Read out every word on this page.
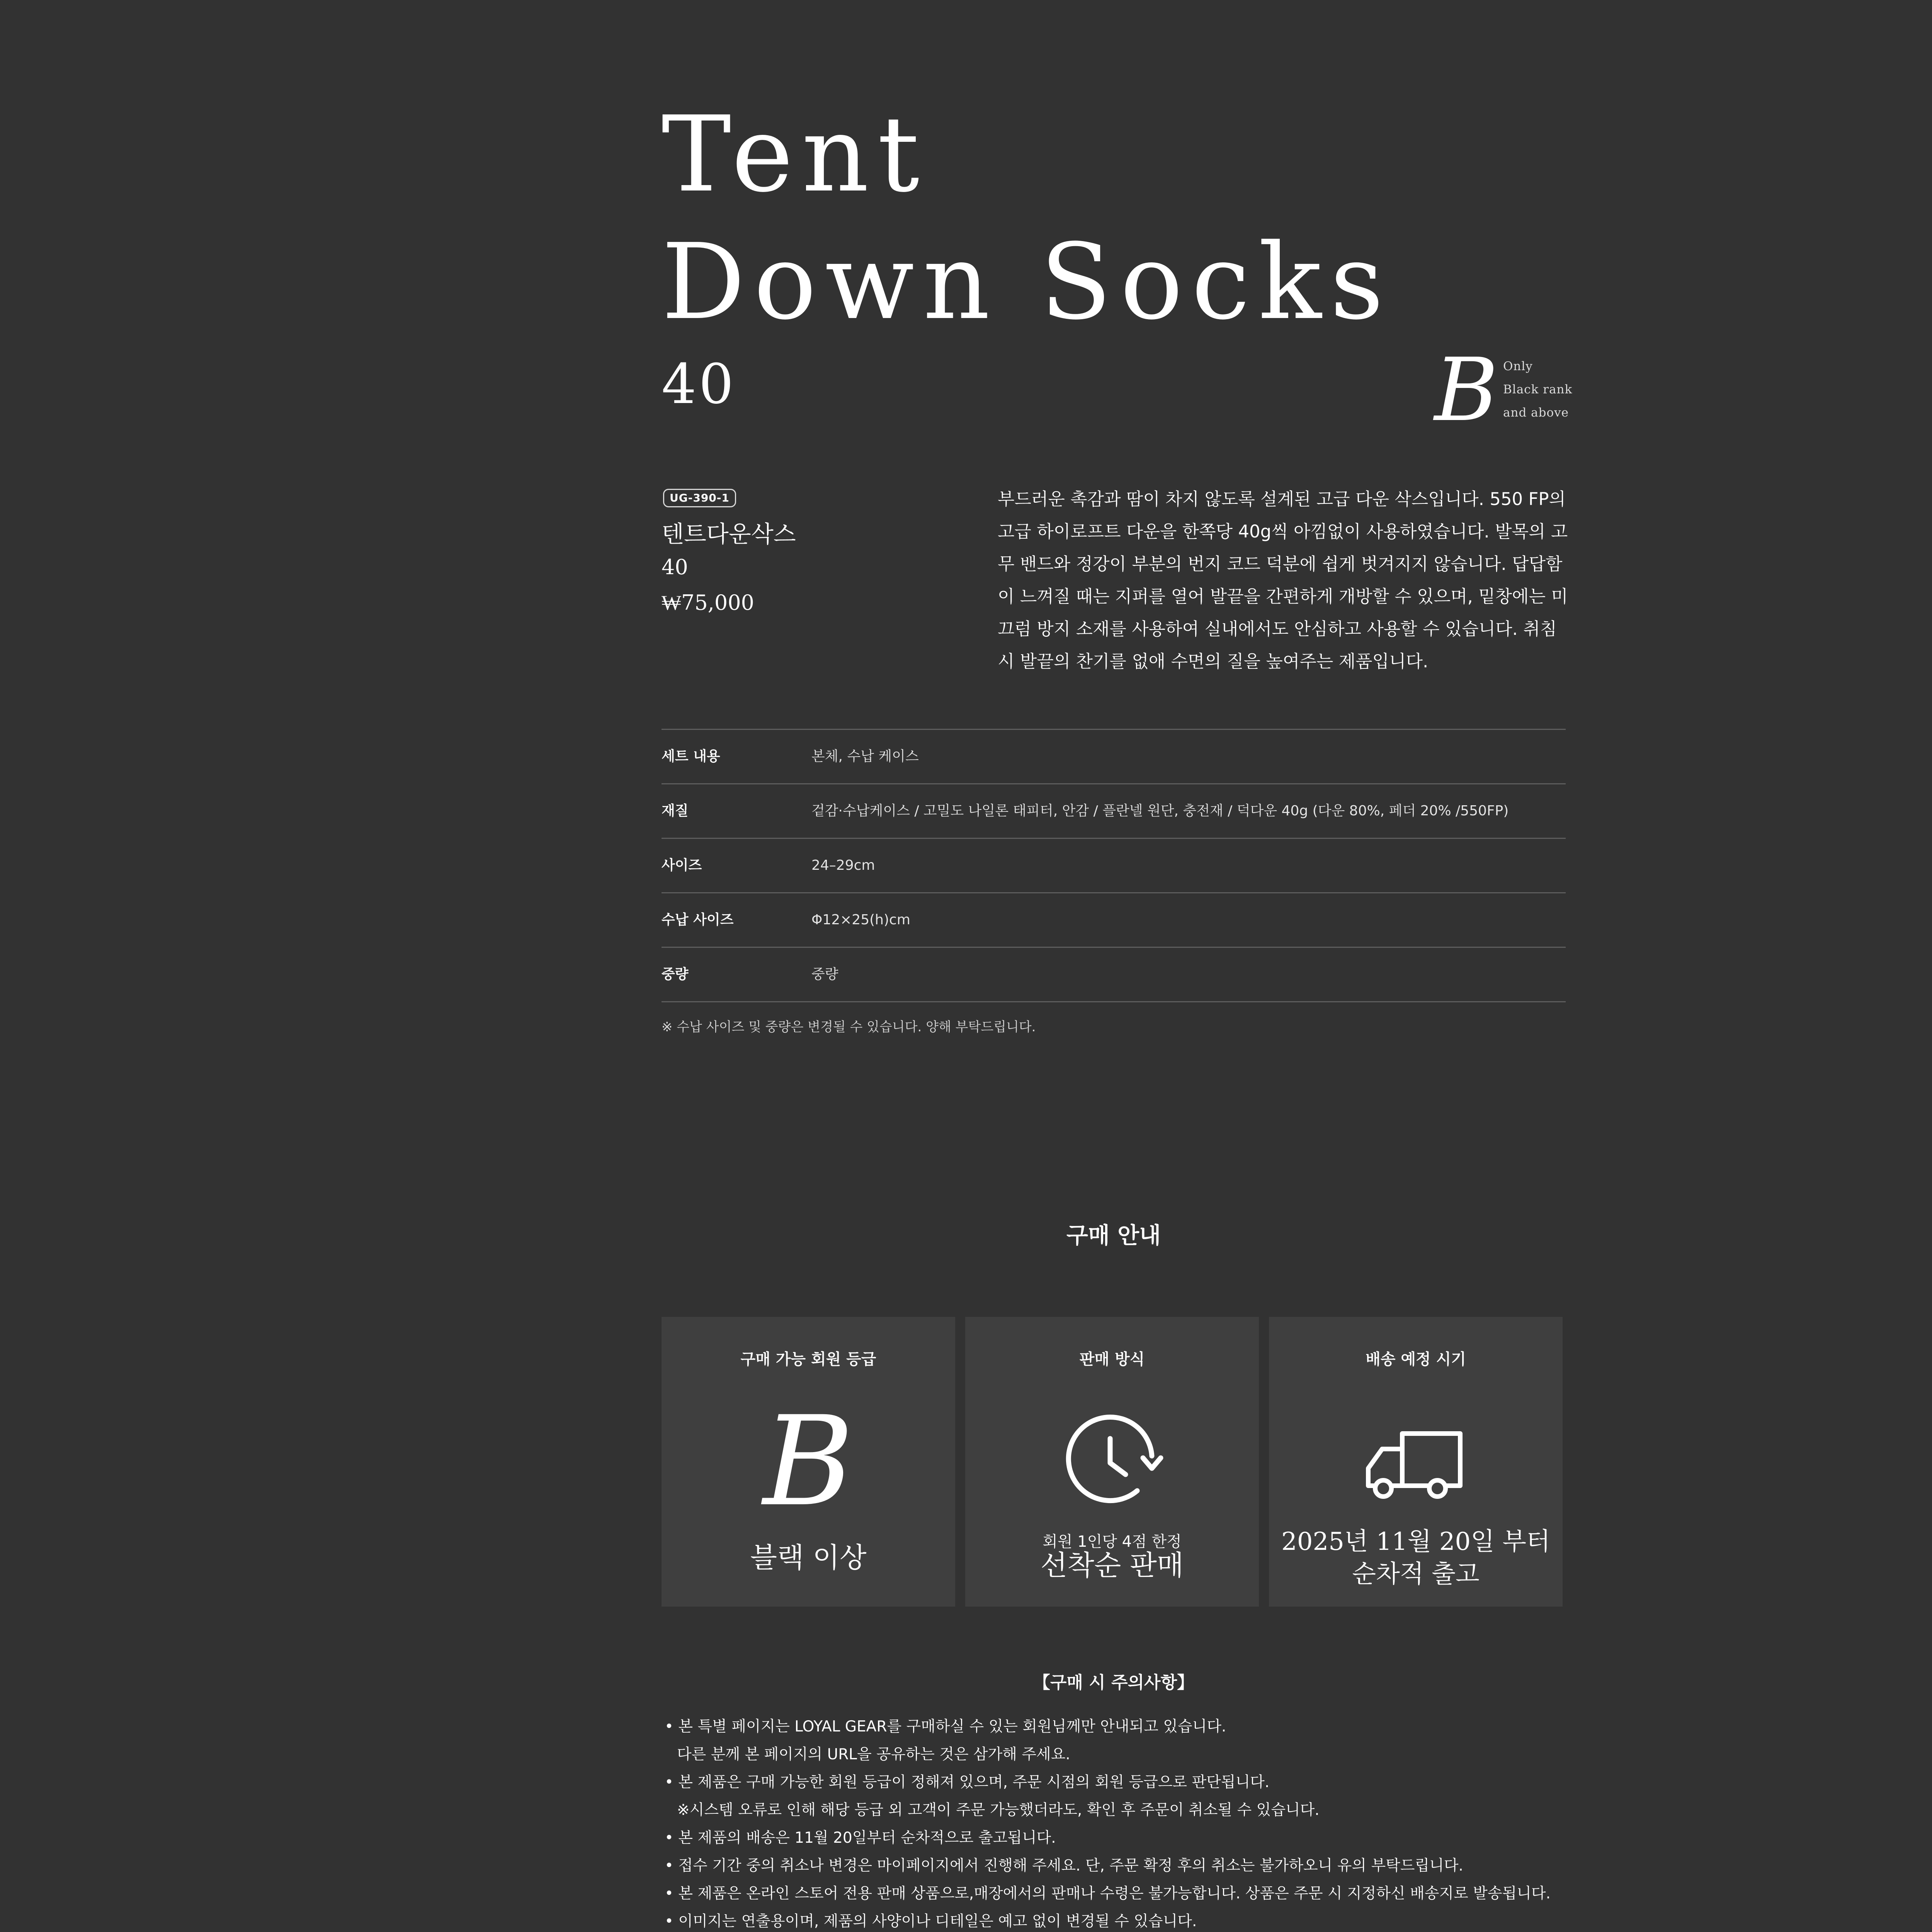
Tent
Down Socks
40	B Only
Black rank
and above
UG-390-1
텐트다운삭스
40
₩75,000

부드러운 촉감과 땀이 차지 않도록 설계된 고급 다운 삭스입니다. 550 FP의 고급 하이로프트 다운을 한쪽당 40g씩 아낌없이 사용하였습니다. 발목의 고무 밴드와 정강이 부분의 번지 코드 덕분에 쉽게 벗겨지지 않습니다. 답답함이 느껴질 때는 지퍼를 열어 발끝을 간편하게 개방할 수 있으며, 밑창에는 미끄럼 방지 소재를 사용하여 실내에서도 안심하고 사용할 수 있습니다. 취침 시 발끝의 찬기를 없애 수면의 질을 높여주는 제품입니다.

세트 내용	본체, 수납 케이스
재질	겉감·수납케이스 / 고밀도 나일론 태피터, 안감 / 플란넬 원단, 충전재 / 덕다운 40g (다운 80%, 페더 20% /550FP)
사이즈	24–29cm
수납 사이즈	Φ12×25(h)cm
중량	중량
※ 수납 사이즈 및 중량은 변경될 수 있습니다. 양해 부탁드립니다.
구매 안내
구매 가능 회원 등급
B
블랙 이상
판매 방식
회원 1인당 4점 한정
선착순 판매
배송 예정 시기
2025년 11월 20일 부터
순차적 출고
【구매 시 주의사항】
• 본 특별 페이지는 LOYAL GEAR를 구매하실 수 있는 회원님께만 안내되고 있습니다.
다른 분께 본 페이지의 URL을 공유하는 것은 삼가해 주세요.
• 본 제품은 구매 가능한 회원 등급이 정해져 있으며, 주문 시점의 회원 등급으로 판단됩니다.
※시스템 오류로 인해 해당 등급 외 고객이 주문 가능했더라도, 확인 후 주문이 취소될 수 있습니다.
• 본 제품의 배송은 11월 20일부터 순차적으로 출고됩니다.
• 접수 기간 중의 취소나 변경은 마이페이지에서 진행해 주세요. 단, 주문 확정 후의 취소는 불가하오니 유의 부탁드립니다.
• 본 제품은 온라인 스토어 전용 판매 상품으로,매장에서의 판매나 수령은 불가능합니다. 상품은 주문 시 지정하신 배송지로 발송됩니다.
• 이미지는 연출용이며, 제품의 사양이나 디테일은 예고 없이 변경될 수 있습니다.
